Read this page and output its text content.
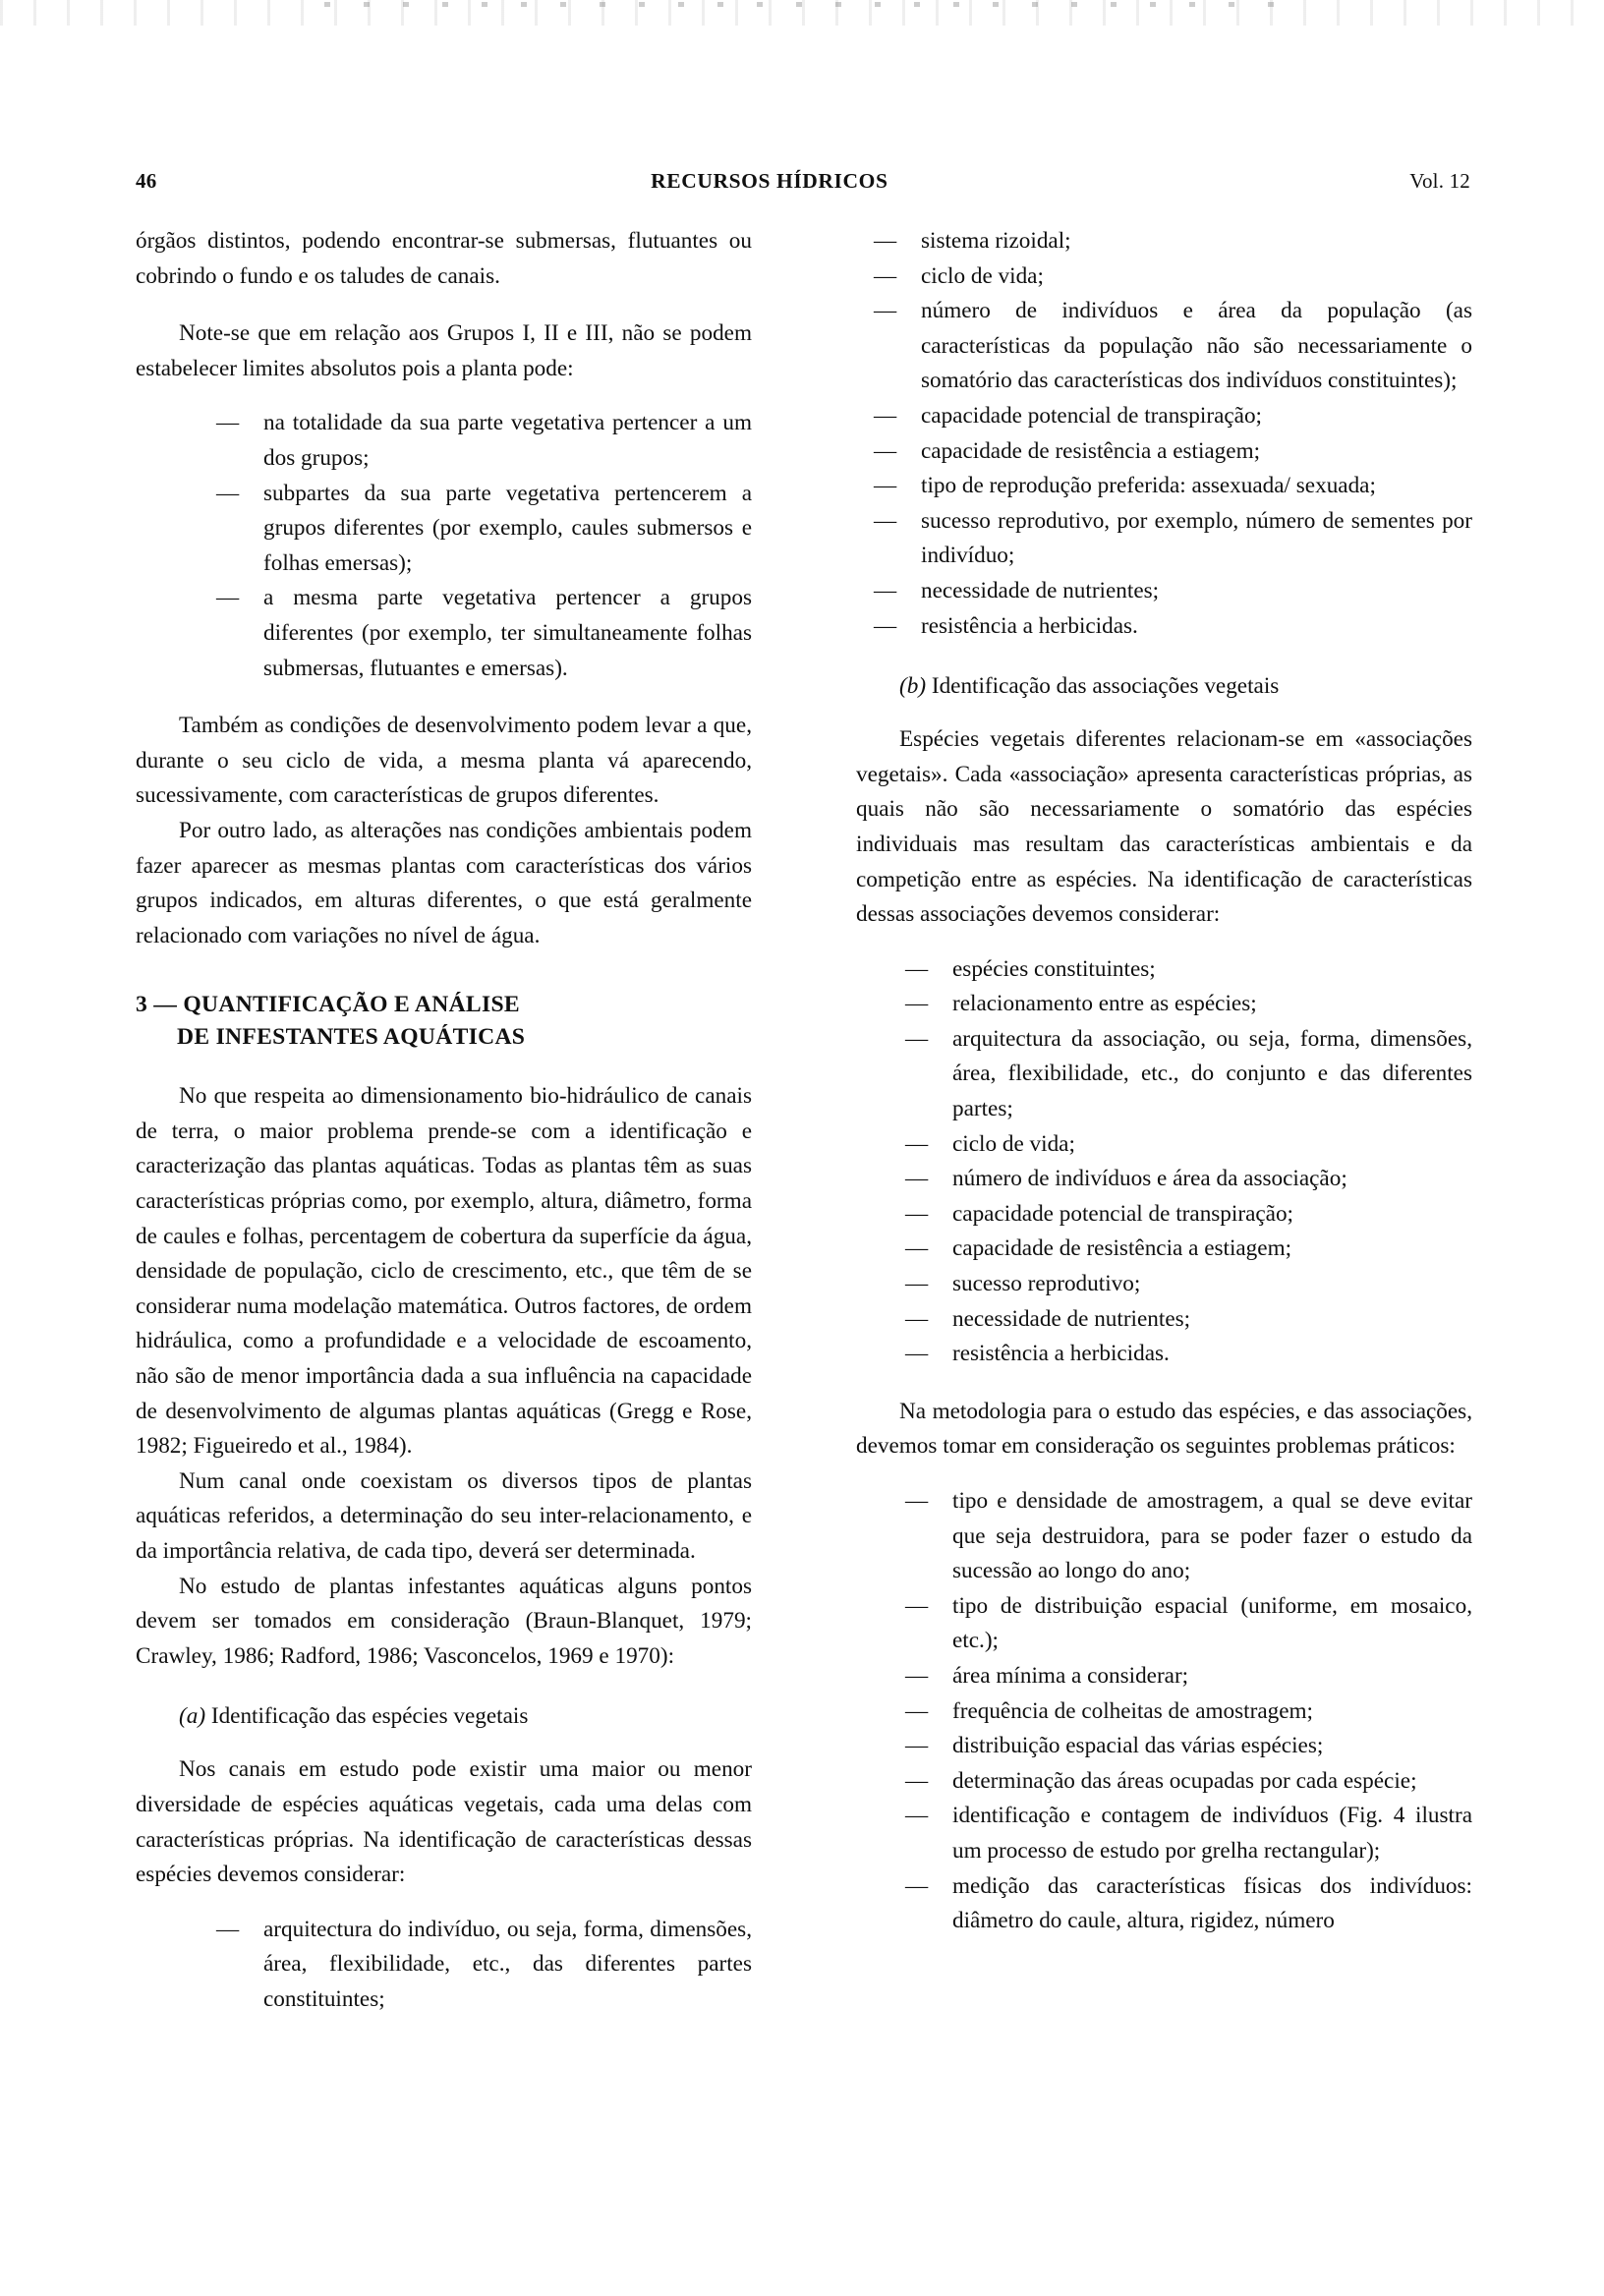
46	RECURSOS HÍDRICOS	Vol. 12

órgãos distintos, podendo encontrar-se submersas, flutuantes ou cobrindo o fundo e os taludes de canais.

Note-se que em relação aos Grupos I, II e III, não se podem estabelecer limites absolutos pois a planta pode:

— na totalidade da sua parte vegetativa pertencer a um dos grupos;
— subpartes da sua parte vegetativa pertencerem a grupos diferentes (por exemplo, caules submersos e folhas emersas);
— a mesma parte vegetativa pertencer a grupos diferentes (por exemplo, ter simultaneamente folhas submersas, flutuantes e emersas).

Também as condições de desenvolvimento podem levar a que, durante o seu ciclo de vida, a mesma planta vá aparecendo, sucessivamente, com características de grupos diferentes.

Por outro lado, as alterações nas condições ambientais podem fazer aparecer as mesmas plantas com características dos vários grupos indicados, em alturas diferentes, o que está geralmente relacionado com variações no nível de água.

3 — QUANTIFICAÇÃO E ANÁLISE
DE INFESTANTES AQUÁTICAS

No que respeita ao dimensionamento bio-hidráulico de canais de terra, o maior problema prende-se com a identificação e caracterização das plantas aquáticas. Todas as plantas têm as suas características próprias como, por exemplo, altura, diâmetro, forma de caules e folhas, percentagem de cobertura da superfície da água, densidade de população, ciclo de crescimento, etc., que têm de se considerar numa modelação matemática. Outros factores, de ordem hidráulica, como a profundidade e a velocidade de escoamento, não são de menor importância dada a sua influência na capacidade de desenvolvimento de algumas plantas aquáticas (Gregg e Rose, 1982; Figueiredo et al., 1984).

Num canal onde coexistam os diversos tipos de plantas aquáticas referidos, a determinação do seu inter-relacionamento, e da importância relativa, de cada tipo, deverá ser determinada.

No estudo de plantas infestantes aquáticas alguns pontos devem ser tomados em consideração (Braun-Blanquet, 1979; Crawley, 1986; Radford, 1986; Vasconcelos, 1969 e 1970):

(a) Identificação das espécies vegetais

Nos canais em estudo pode existir uma maior ou menor diversidade de espécies aquáticas vegetais, cada uma delas com características próprias. Na identificação de características dessas espécies devemos considerar:

— arquitectura do indivíduo, ou seja, forma, dimensões, área, flexibilidade, etc., das diferentes partes constituintes;
— sistema rizoidal;
— ciclo de vida;
— número de indivíduos e área da população (as características da população não são necessariamente o somatório das características dos indivíduos constituintes);
— capacidade potencial de transpiração;
— capacidade de resistência a estiagem;
— tipo de reprodução preferida: assexuada/ sexuada;
— sucesso reprodutivo, por exemplo, número de sementes por indivíduo;
— necessidade de nutrientes;
— resistência a herbicidas.
(b) Identificação das associações vegetais

Espécies vegetais diferentes relacionam-se em «associações vegetais». Cada «associação» apresenta características próprias, as quais não são necessariamente o somatório das espécies individuais mas resultam das características ambientais e da competição entre as espécies. Na identificação de características dessas associações devemos considerar:

— espécies constituintes;
— relacionamento entre as espécies;
— arquitectura da associação, ou seja, forma, dimensões, área, flexibilidade, etc., do conjunto e das diferentes partes;
— ciclo de vida;
— número de indivíduos e área da associação;
— capacidade potencial de transpiração;
— capacidade de resistência a estiagem;
— sucesso reprodutivo;
— necessidade de nutrientes;
— resistência a herbicidas.

Na metodologia para o estudo das espécies, e das associações, devemos tomar em consideração os seguintes problemas práticos:

— tipo e densidade de amostragem, a qual se deve evitar que seja destruidora, para se poder fazer o estudo da sucessão ao longo do ano;
— tipo de distribuição espacial (uniforme, em mosaico, etc.);
— área mínima a considerar;
— frequência de colheitas de amostragem;
— distribuição espacial das várias espécies;
— determinação das áreas ocupadas por cada espécie;
— identificação e contagem de indivíduos (Fig. 4 ilustra um processo de estudo por grelha rectangular);
— medição das características físicas dos indivíduos: diâmetro do caule, altura, rigidez, número
